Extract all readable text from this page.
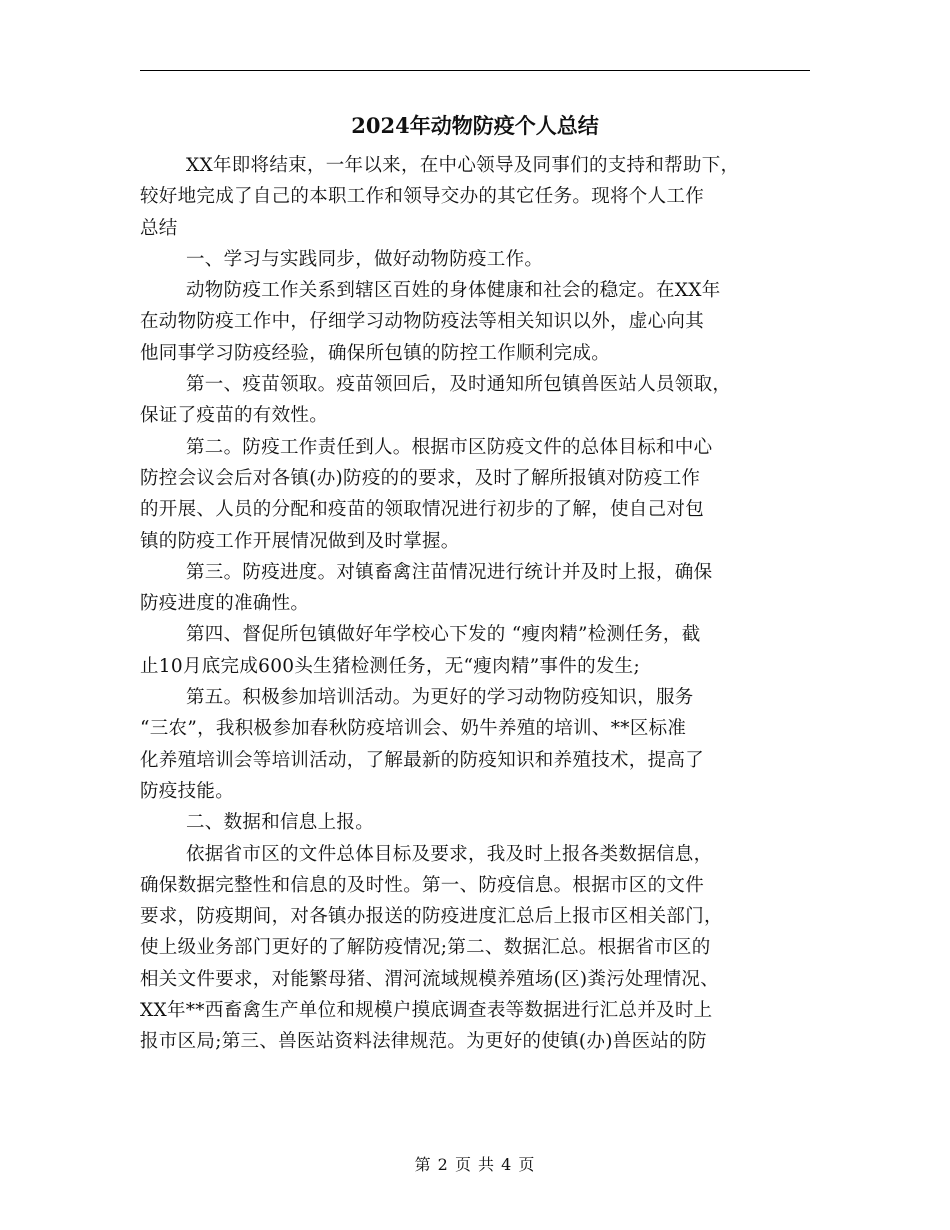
2024年动物防疫个人总结

XX年即将结束，一年以来，在中心领导及同事们的支持和帮助下，
较好地完成了自己的本职工作和领导交办的其它任务。现将个人工作
总结

一、学习与实践同步，做好动物防疫工作。

动物防疫工作关系到辖区百姓的身体健康和社会的稳定。在XX年
在动物防疫工作中，仔细学习动物防疫法等相关知识以外，虚心向其
他同事学习防疫经验，确保所包镇的防控工作顺利完成。

第一、疫苗领取。疫苗领回后，及时通知所包镇兽医站人员领取，
保证了疫苗的有效性。

第二。防疫工作责任到人。根据市区防疫文件的总体目标和中心
防控会议会后对各镇(办)防疫的的要求，及时了解所报镇对防疫工作
的开展、人员的分配和疫苗的领取情况进行初步的了解，使自己对包
镇的防疫工作开展情况做到及时掌握。

第三。防疫进度。对镇畜禽注苗情况进行统计并及时上报，确保
防疫进度的准确性。

第四、督促所包镇做好年学校心下发的 “瘦肉精”检测任务，截
止10月底完成600头生猪检测任务，无“瘦肉精”事件的发生;

第五。积极参加培训活动。为更好的学习动物防疫知识，服务
“三农”，我积极参加春秋防疫培训会、奶牛养殖的培训、**区标准
化养殖培训会等培训活动，了解最新的防疫知识和养殖技术，提高了
防疫技能。

二、数据和信息上报。

依据省市区的文件总体目标及要求，我及时上报各类数据信息，
确保数据完整性和信息的及时性。第一、防疫信息。根据市区的文件
要求，防疫期间，对各镇办报送的防疫进度汇总后上报市区相关部门，
使上级业务部门更好的了解防疫情况;第二、数据汇总。根据省市区的
相关文件要求，对能繁母猪、渭河流域规模养殖场(区)粪污处理情况、
XX年**西畜禽生产单位和规模户摸底调查表等数据进行汇总并及时上
报市区局;第三、兽医站资料法律规范。为更好的使镇(办)兽医站的防

第 2 页 共 4 页
